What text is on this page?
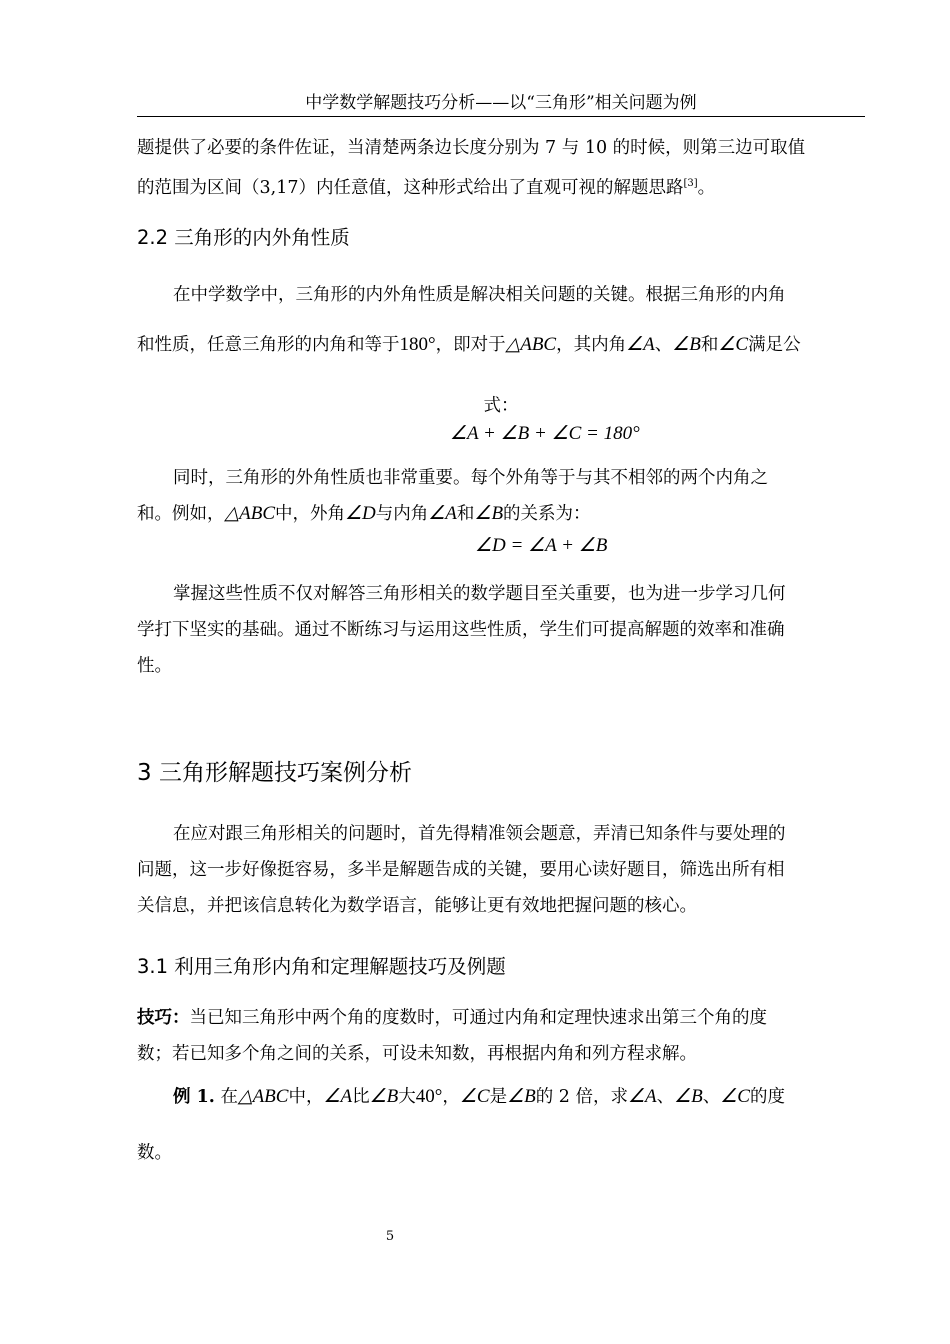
中学数学解题技巧分析——以“三角形”相关问题为例
题提供了必要的条件佐证，当清楚两条边长度分别为 7 与 10 的时候，则第三边可取值
的范围为区间（3,17）内任意值，这种形式给出了直观可视的解题思路[3]。
2.2 三角形的内外角性质
在中学数学中，三角形的内外角性质是解决相关问题的关键。根据三角形的内角
和性质，任意三角形的内角和等于180°，即对于△ABC，其内角∠A、∠B和∠C满足公
式：
∠A + ∠B + ∠C = 180°
同时，三角形的外角性质也非常重要。每个外角等于与其不相邻的两个内角之
和。例如，△ABC中，外角∠D与内角∠A和∠B的关系为：
∠D = ∠A + ∠B
掌握这些性质不仅对解答三角形相关的数学题目至关重要，也为进一步学习几何
学打下坚实的基础。通过不断练习与运用这些性质，学生们可提高解题的效率和准确
性。
3 三角形解题技巧案例分析
在应对跟三角形相关的问题时，首先得精准领会题意，弄清已知条件与要处理的
问题，这一步好像挺容易，多半是解题告成的关键，要用心读好题目，筛选出所有相
关信息，并把该信息转化为数学语言，能够让更有效地把握问题的核心。
3.1 利用三角形内角和定理解题技巧及例题
技巧：当已知三角形中两个角的度数时，可通过内角和定理快速求出第三个角的度
数；若已知多个角之间的关系，可设未知数，再根据内角和列方程求解。
例 1. 在△ABC中，∠A比∠B大40°，∠C是∠B的 2 倍，求∠A、∠B、∠C的度
数。
5
